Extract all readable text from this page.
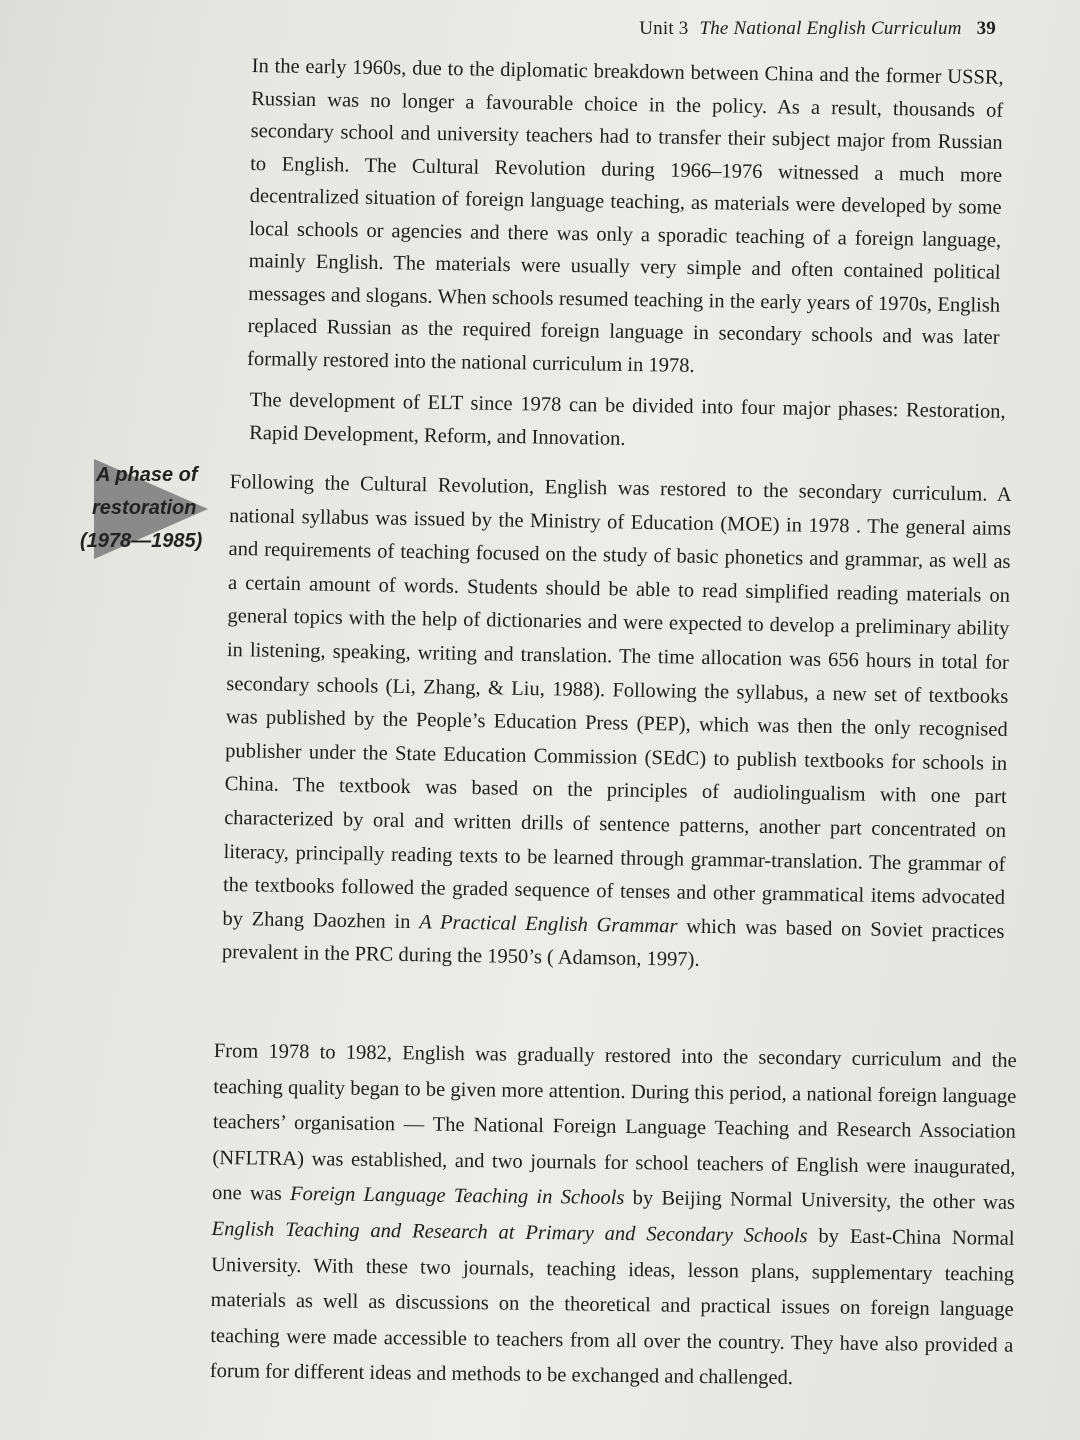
Unit 3 The National English Curriculum 39

In the early 1960s, due to the diplomatic breakdown between China and the former USSR, Russian was no longer a favourable choice in the policy. As a result, thousands of secondary school and university teachers had to transfer their subject major from Russian to English. The Cultural Revolution during 1966–1976 witnessed a much more decentralized situation of foreign language teaching, as materials were developed by some local schools or agencies and there was only a sporadic teaching of a foreign language, mainly English. The materials were usually very simple and often contained political messages and slogans. When schools resumed teaching in the early years of 1970s, English replaced Russian as the required foreign language in secondary schools and was later formally restored into the national curriculum in 1978.

The development of ELT since 1978 can be divided into four major phases: Restoration, Rapid Development, Reform, and Innovation.

A phase of
restoration
(1978—1985)

Following the Cultural Revolution, English was restored to the secondary curriculum. A national syllabus was issued by the Ministry of Education (MOE) in 1978 . The general aims and requirements of teaching focused on the study of basic phonetics and grammar, as well as a certain amount of words. Students should be able to read simplified reading materials on general topics with the help of dictionaries and were expected to develop a preliminary ability in listening, speaking, writing and translation. The time allocation was 656 hours in total for secondary schools (Li, Zhang, & Liu, 1988). Following the syllabus, a new set of textbooks was published by the People’s Education Press (PEP), which was then the only recognised publisher under the State Education Commission (SEdC) to publish textbooks for schools in China. The textbook was based on the principles of audiolingualism with one part characterized by oral and written drills of sentence patterns, another part concentrated on literacy, principally reading texts to be learned through grammar-translation. The grammar of the textbooks followed the graded sequence of tenses and other grammatical items advocated by Zhang Daozhen in A Practical English Grammar which was based on Soviet practices prevalent in the PRC during the 1950’s ( Adamson, 1997).

From 1978 to 1982, English was gradually restored into the secondary curriculum and the teaching quality began to be given more attention. During this period, a national foreign language teachers’ organisation — The National Foreign Language Teaching and Research Association (NFLTRA) was established, and two journals for school teachers of English were inaugurated, one was Foreign Language Teaching in Schools by Beijing Normal University, the other was English Teaching and Research at Primary and Secondary Schools by East-China Normal University. With these two journals, teaching ideas, lesson plans, supplementary teaching materials as well as discussions on the theoretical and practical issues on foreign language teaching were made accessible to teachers from all over the country. They have also provided a forum for different ideas and methods to be exchanged and challenged.
